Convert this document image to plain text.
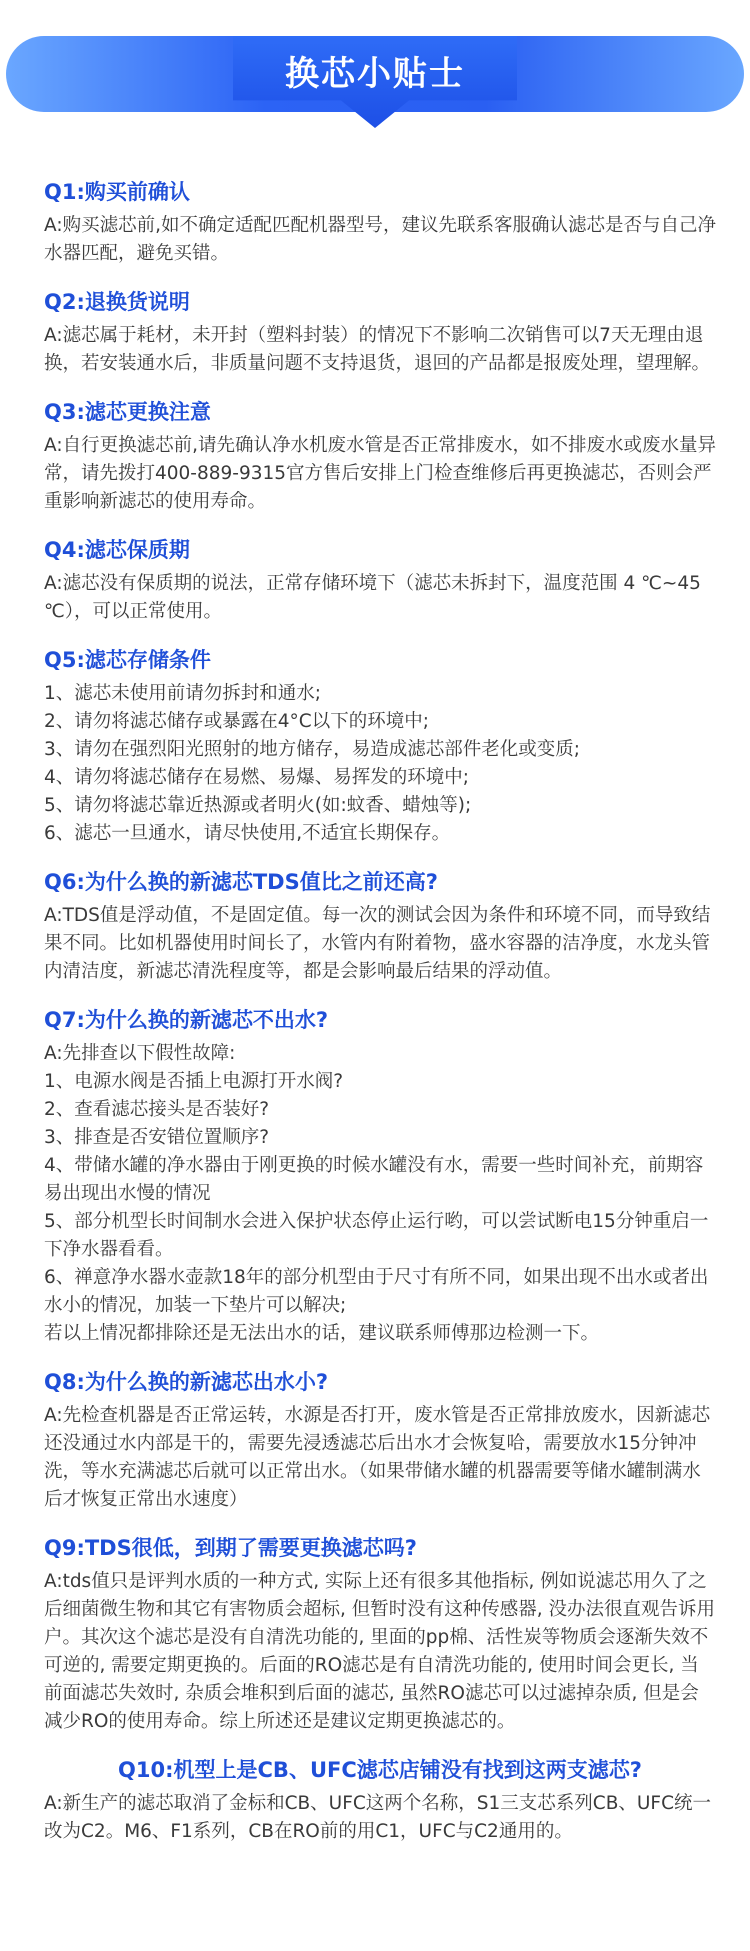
换芯小贴士
Q1:购买前确认

A:购买滤芯前,如不确定适配匹配机器型号，建议先联系客服确认滤芯是否与自己净水器匹配，避免买错。

Q2:退换货说明

A:滤芯属于耗材，未开封（塑料封装）的情况下不影响二次销售可以7天无理由退换，若安装通水后，非质量问题不支持退货，退回的产品都是报废处理，望理解。

Q3:滤芯更换注意

A:自行更换滤芯前,请先确认净水机废水管是否正常排废水，如不排废水或废水量异常，请先拨打400-889-9315官方售后安排上门检查维修后再更换滤芯，否则会严重影响新滤芯的使用寿命。

Q4:滤芯保质期

A:滤芯没有保质期的说法，正常存储环境下（滤芯未拆封下，温度范围 4 ℃~45 ℃），可以正常使用。

Q5:滤芯存储条件

1、滤芯未使用前请勿拆封和通水;

2、请勿将滤芯储存或暴露在4°C以下的环境中;

3、请勿在强烈阳光照射的地方储存，易造成滤芯部件老化或变质;

4、请勿将滤芯储存在易燃、易爆、易挥发的环境中;

5、请勿将滤芯靠近热源或者明火(如:蚊香、蜡烛等);

6、滤芯一旦通水，请尽快使用,不适宜长期保存。

Q6:为什么换的新滤芯TDS值比之前还高?

A:TDS值是浮动值，不是固定值。每一次的测试会因为条件和环境不同，而导致结果不同。比如机器使用时间长了，水管内有附着物，盛水容器的洁净度，水龙头管内清洁度，新滤芯清洗程度等，都是会影响最后结果的浮动值。

Q7:为什么换的新滤芯不出水?

A:先排查以下假性故障:

1、电源水阀是否插上电源打开水阀?

2、查看滤芯接头是否装好?

3、排查是否安错位置顺序?

4、带储水罐的净水器由于刚更换的时候水罐没有水，需要一些时间补充，前期容易出现出水慢的情况

5、部分机型长时间制水会进入保护状态停止运行哟，可以尝试断电15分钟重启一下净水器看看。

6、禅意净水器水壶款18年的部分机型由于尺寸有所不同，如果出现不出水或者出水小的情况，加装一下垫片可以解决;

若以上情况都排除还是无法出水的话，建议联系师傅那边检测一下。

Q8:为什么换的新滤芯出水小?

A:先检查机器是否正常运转，水源是否打开，废水管是否正常排放废水，因新滤芯还没通过水内部是干的，需要先浸透滤芯后出水才会恢复哈，需要放水15分钟冲洗，等水充满滤芯后就可以正常出水。（如果带储水罐的机器需要等储水罐制满水后才恢复正常出水速度）

Q9:TDS很低，到期了需要更换滤芯吗?

A:tds值只是评判水质的一种方式, 实际上还有很多其他指标, 例如说滤芯用久了之后细菌微生物和其它有害物质会超标, 但暂时没有这种传感器, 没办法很直观告诉用户。其次这个滤芯是没有自清洗功能的, 里面的pp棉、活性炭等物质会逐渐失效不可逆的, 需要定期更换的。后面的RO滤芯是有自清洗功能的, 使用时间会更长, 当前面滤芯失效时, 杂质会堆积到后面的滤芯, 虽然RO滤芯可以过滤掉杂质, 但是会减少RO的使用寿命。综上所述还是建议定期更换滤芯的。

Q10:机型上是CB、UFC滤芯店铺没有找到这两支滤芯?

A:新生产的滤芯取消了金标和CB、UFC这两个名称，S1三支芯系列CB、UFC统一改为C2。M6、F1系列，CB在RO前的用C1，UFC与C2通用的。
